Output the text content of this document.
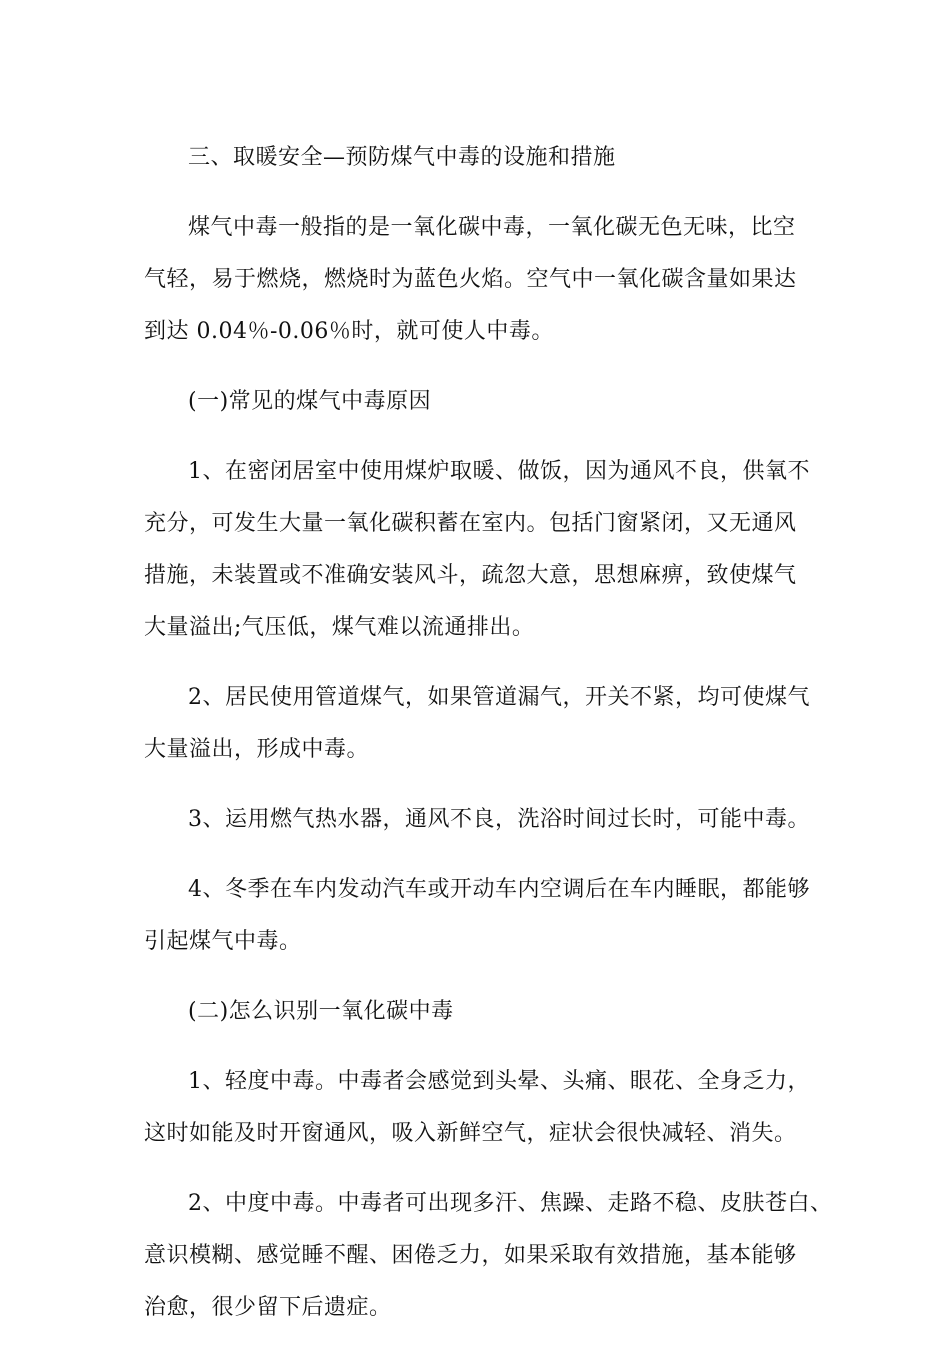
三、取暖安全—预防煤气中毒的设施和措施

煤气中毒一般指的是一氧化碳中毒，一氧化碳无色无味，比空
气轻，易于燃烧，燃烧时为蓝色火焰。空气中一氧化碳含量如果达
到达 0.04％-0.06％时，就可使人中毒。

(一)常见的煤气中毒原因

1、在密闭居室中使用煤炉取暖、做饭，因为通风不良，供氧不
充分，可发生大量一氧化碳积蓄在室内。包括门窗紧闭，又无通风
措施，未装置或不准确安装风斗，疏忽大意，思想麻痹，致使煤气
大量溢出;气压低，煤气难以流通排出。

2、居民使用管道煤气，如果管道漏气，开关不紧，均可使煤气
大量溢出，形成中毒。

3、运用燃气热水器，通风不良，洗浴时间过长时，可能中毒。

4、冬季在车内发动汽车或开动车内空调后在车内睡眠，都能够
引起煤气中毒。

(二)怎么识别一氧化碳中毒

1、轻度中毒。中毒者会感觉到头晕、头痛、眼花、全身乏力，
这时如能及时开窗通风，吸入新鲜空气，症状会很快减轻、消失。

2、中度中毒。中毒者可出现多汗、焦躁、走路不稳、皮肤苍白、
意识模糊、感觉睡不醒、困倦乏力，如果采取有效措施，基本能够
治愈，很少留下后遗症。
